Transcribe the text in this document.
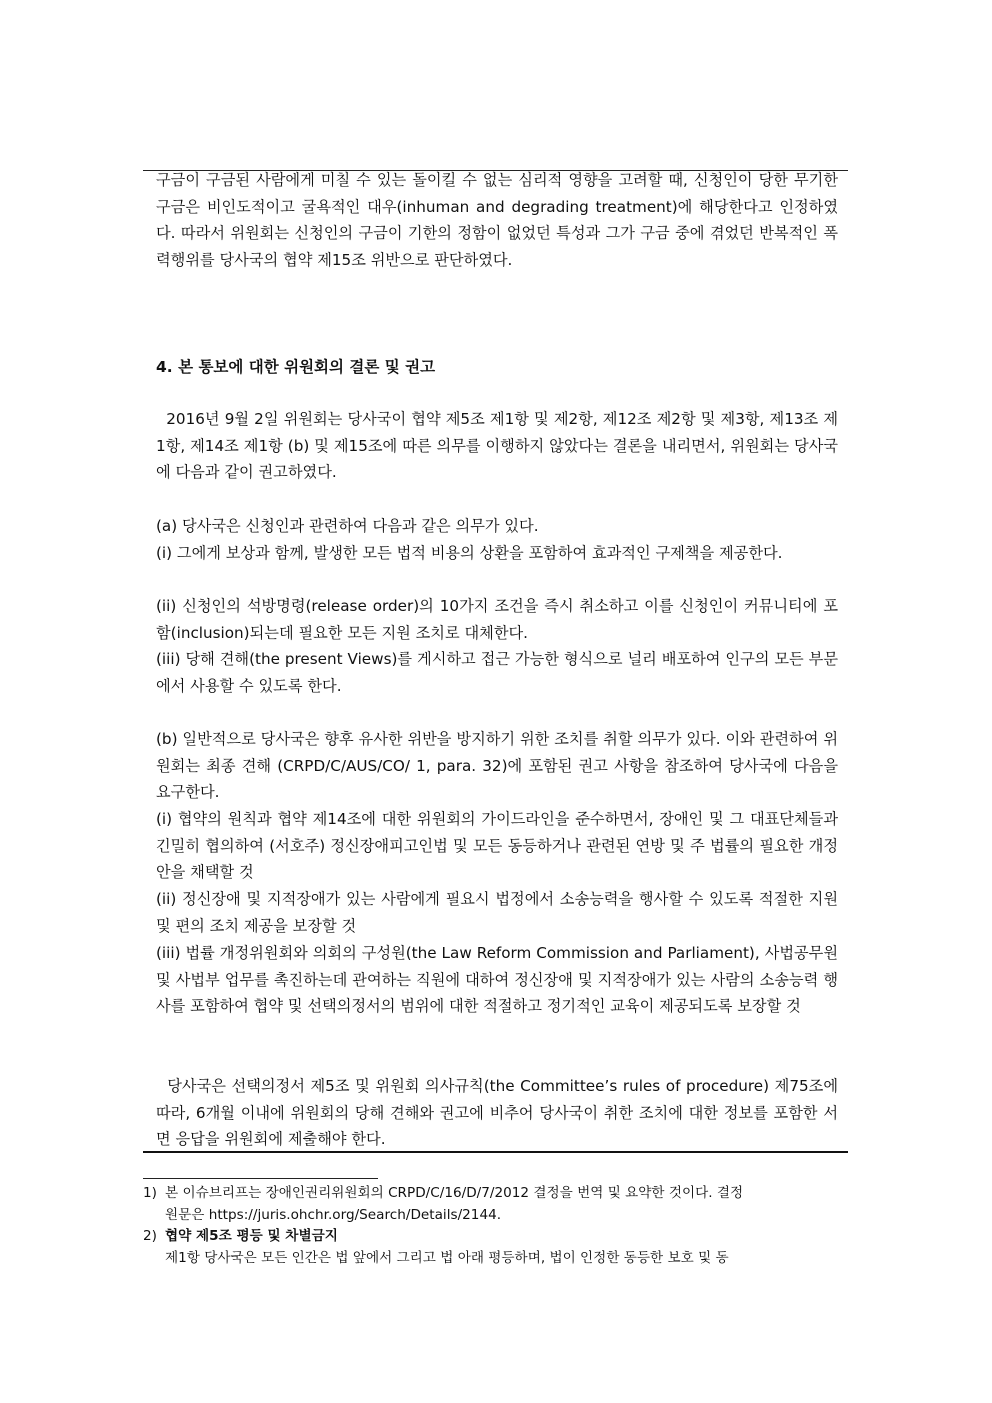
구금이 구금된 사람에게 미칠 수 있는 돌이킬 수 없는 심리적 영향을 고려할 때, 신청인이 당한 무기한 구금은 비인도적이고 굴욕적인 대우(inhuman and degrading treatment)에 해당한다고 인정하였다. 따라서 위원회는 신청인의 구금이 기한의 정함이 없었던 특성과 그가 구금 중에 겪었던 반복적인 폭력행위를 당사국의 협약 제15조 위반으로 판단하였다.

4. 본 통보에 대한 위원회의 결론 및 권고

2016년 9월 2일 위원회는 당사국이 협약 제5조 제1항 및 제2항, 제12조 제2항 및 제3항, 제13조 제1항, 제14조 제1항 (b) 및 제15조에 따른 의무를 이행하지 않았다는 결론을 내리면서, 위원회는 당사국에 다음과 같이 권고하였다.

(a) 당사국은 신청인과 관련하여 다음과 같은 의무가 있다.

(i) 그에게 보상과 함께, 발생한 모든 법적 비용의 상환을 포함하여 효과적인 구제책을 제공한다.

(ii) 신청인의 석방명령(release order)의 10가지 조건을 즉시 취소하고 이를 신청인이 커뮤니티에 포함(inclusion)되는데 필요한 모든 지원 조치로 대체한다.

(iii) 당해 견해(the present Views)를 게시하고 접근 가능한 형식으로 널리 배포하여 인구의 모든 부문에서 사용할 수 있도록 한다.

(b) 일반적으로 당사국은 향후 유사한 위반을 방지하기 위한 조치를 취할 의무가 있다. 이와 관련하여 위원회는 최종 견해 (CRPD/C/AUS/CO/ 1, para. 32)에 포함된 권고 사항을 참조하여 당사국에 다음을 요구한다.

(i) 협약의 원칙과 협약 제14조에 대한 위원회의 가이드라인을 준수하면서, 장애인 및 그 대표단체들과 긴밀히 협의하여 (서호주) 정신장애피고인법 및 모든 동등하거나 관련된 연방 및 주 법률의 필요한 개정안을 채택할 것

(ii) 정신장애 및 지적장애가 있는 사람에게 필요시 법정에서 소송능력을 행사할 수 있도록 적절한 지원 및 편의 조치 제공을 보장할 것

(iii) 법률 개정위원회와 의회의 구성원(the Law Reform Commission and Parliament), 사법공무원 및 사법부 업무를 촉진하는데 관여하는 직원에 대하여 정신장애 및 지적장애가 있는 사람의 소송능력 행사를 포함하여 협약 및 선택의정서의 범위에 대한 적절하고 정기적인 교육이 제공되도록 보장할 것

당사국은 선택의정서 제5조 및 위원회 의사규칙(the Committee’s rules of procedure) 제75조에 따라, 6개월 이내에 위원회의 당해 견해와 권고에 비추어 당사국이 취한 조치에 대한 정보를 포함한 서면 응답을 위원회에 제출해야 한다.

1) 본 이슈브리프는 장애인권리위원회의 CRPD/C/16/D/7/2012 결정을 번역 및 요약한 것이다. 결정
원문은 https://juris.ohchr.org/Search/Details/2144.
2) 협약 제5조 평등 및 차별금지
제1항 당사국은 모든 인간은 법 앞에서 그리고 법 아래 평등하며, 법이 인정한 동등한 보호 및 동
